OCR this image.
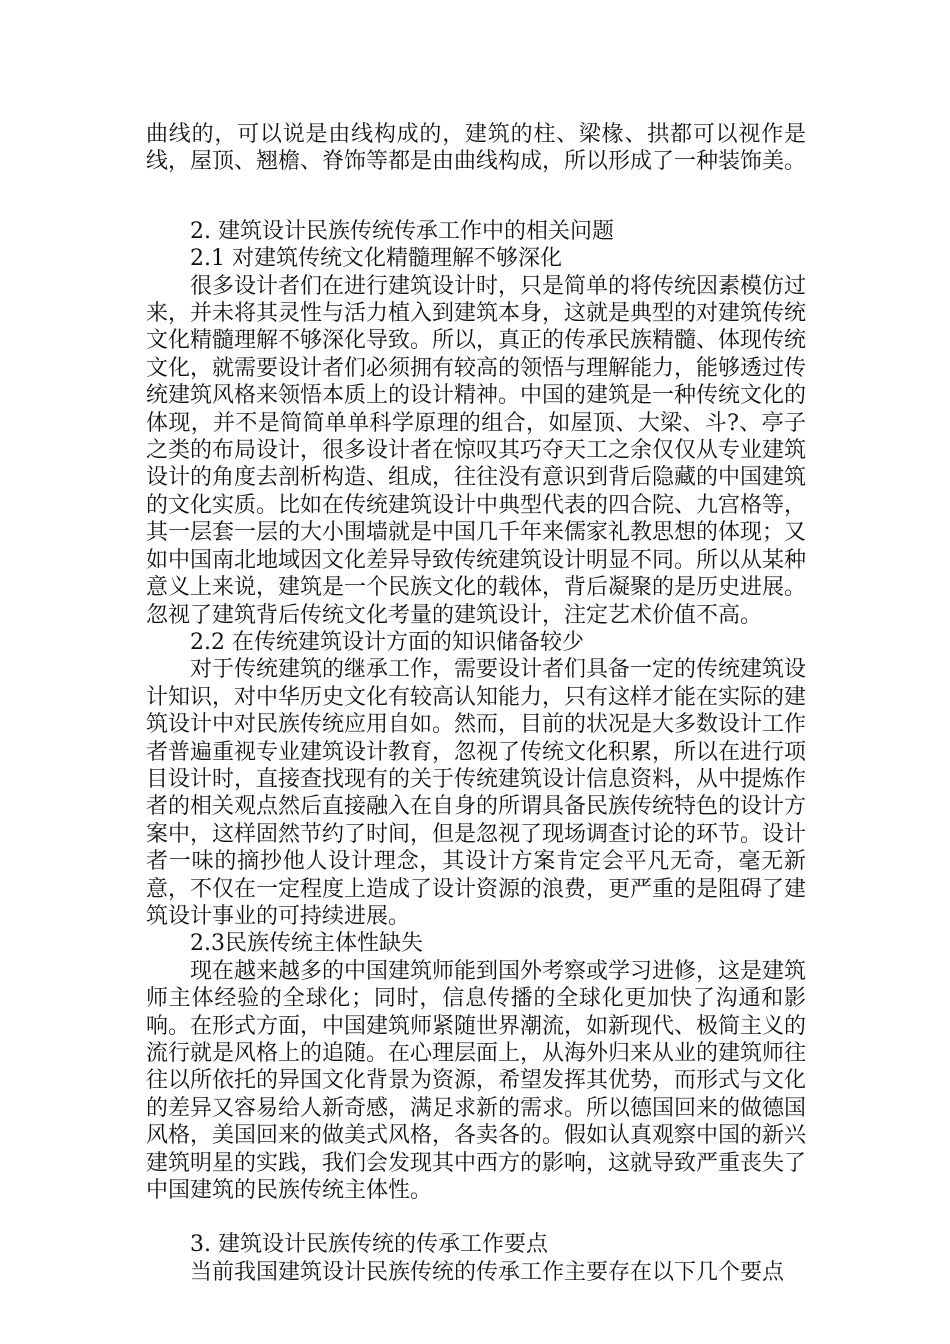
曲线的，可以说是由线构成的，建筑的柱、梁椽、拱都可以视作是线，屋顶、翘檐、脊饰等都是由曲线构成，所以形成了一种装饰美。

2. 建筑设计民族传统传承工作中的相关问题

2.1 对建筑传统文化精髓理解不够深化

很多设计者们在进行建筑设计时，只是简单的将传统因素模仿过来，并未将其灵性与活力植入到建筑本身，这就是典型的对建筑传统文化精髓理解不够深化导致。所以，真正的传承民族精髓、体现传统文化，就需要设计者们必须拥有较高的领悟与理解能力，能够透过传统建筑风格来领悟本质上的设计精神。中国的建筑是一种传统文化的体现，并不是简简单单科学原理的组合，如屋顶、大梁、斗?、亭子之类的布局设计，很多设计者在惊叹其巧夺天工之余仅仅从专业建筑设计的角度去剖析构造、组成，往往没有意识到背后隐藏的中国建筑的文化实质。比如在传统建筑设计中典型代表的四合院、九宫格等，其一层套一层的大小围墙就是中国几千年来儒家礼教思想的体现；又如中国南北地域因文化差异导致传统建筑设计明显不同。所以从某种意义上来说，建筑是一个民族文化的载体，背后凝聚的是历史进展。忽视了建筑背后传统文化考量的建筑设计，注定艺术价值不高。

2.2 在传统建筑设计方面的知识储备较少

对于传统建筑的继承工作，需要设计者们具备一定的传统建筑设计知识，对中华历史文化有较高认知能力，只有这样才能在实际的建筑设计中对民族传统应用自如。然而，目前的状况是大多数设计工作者普遍重视专业建筑设计教育，忽视了传统文化积累，所以在进行项目设计时，直接查找现有的关于传统建筑设计信息资料，从中提炼作者的相关观点然后直接融入在自身的所谓具备民族传统特色的设计方案中，这样固然节约了时间，但是忽视了现场调查讨论的环节。设计者一味的摘抄他人设计理念，其设计方案肯定会平凡无奇，毫无新意，不仅在一定程度上造成了设计资源的浪费，更严重的是阻碍了建筑设计事业的可持续进展。

2.3民族传统主体性缺失

现在越来越多的中国建筑师能到国外考察或学习进修，这是建筑师主体经验的全球化；同时，信息传播的全球化更加快了沟通和影响。在形式方面，中国建筑师紧随世界潮流，如新现代、极简主义的流行就是风格上的追随。在心理层面上，从海外归来从业的建筑师往往以所依托的异国文化背景为资源，希望发挥其优势，而形式与文化的差异又容易给人新奇感，满足求新的需求。所以德国回来的做德国风格，美国回来的做美式风格，各卖各的。假如认真观察中国的新兴建筑明星的实践，我们会发现其中西方的影响，这就导致严重丧失了中国建筑的民族传统主体性。

3. 建筑设计民族传统的传承工作要点

当前我国建筑设计民族传统的传承工作主要存在以下几个要点
